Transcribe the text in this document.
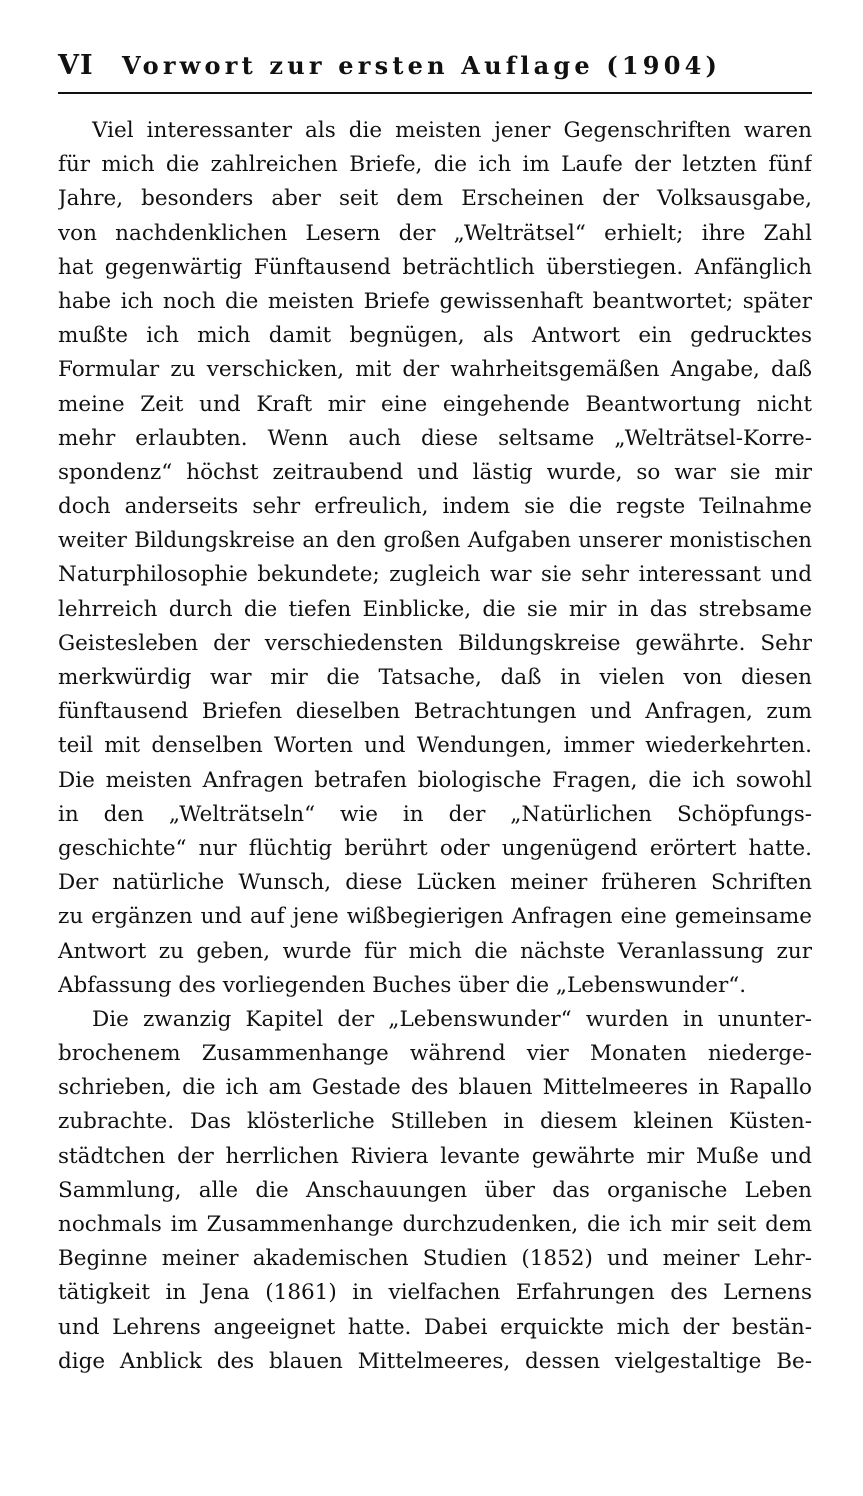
VI	Vorwort zur ersten Auflage (1904)
Viel interessanter als die meisten jener Gegenschriften waren
für mich die zahlreichen Briefe, die ich im Laufe der letzten fünf
Jahre, besonders aber seit dem Erscheinen der Volksausgabe,
von nachdenklichen Lesern der „Welträtsel“ erhielt; ihre Zahl
hat gegenwärtig Fünftausend beträchtlich überstiegen. Anfänglich
habe ich noch die meisten Briefe gewissenhaft beantwortet; später
mußte ich mich damit begnügen, als Antwort ein gedrucktes
Formular zu verschicken, mit der wahrheitsgemäßen Angabe, daß
meine Zeit und Kraft mir eine eingehende Beantwortung nicht
mehr erlaubten. Wenn auch diese seltsame „Welträtsel-Korre-
spondenz“ höchst zeitraubend und lästig wurde, so war sie mir
doch anderseits sehr erfreulich, indem sie die regste Teilnahme
weiter Bildungskreise an den großen Aufgaben unserer monistischen
Naturphilosophie bekundete; zugleich war sie sehr interessant und
lehrreich durch die tiefen Einblicke, die sie mir in das strebsame
Geistesleben der verschiedensten Bildungskreise gewährte. Sehr
merkwürdig war mir die Tatsache, daß in vielen von diesen
fünftausend Briefen dieselben Betrachtungen und Anfragen, zum
teil mit denselben Worten und Wendungen, immer wiederkehrten.
Die meisten Anfragen betrafen biologische Fragen, die ich sowohl
in den „Welträtseln“ wie in der „Natürlichen Schöpfungs-
geschichte“ nur flüchtig berührt oder ungenügend erörtert hatte.
Der natürliche Wunsch, diese Lücken meiner früheren Schriften
zu ergänzen und auf jene wißbegierigen Anfragen eine gemeinsame
Antwort zu geben, wurde für mich die nächste Veranlassung zur
Abfassung des vorliegenden Buches über die „Lebenswunder“.
Die zwanzig Kapitel der „Lebenswunder“ wurden in ununter-
brochenem Zusammenhange während vier Monaten niederge-
schrieben, die ich am Gestade des blauen Mittelmeeres in Rapallo
zubrachte. Das klösterliche Stilleben in diesem kleinen Küsten-
städtchen der herrlichen Riviera levante gewährte mir Muße und
Sammlung, alle die Anschauungen über das organische Leben
nochmals im Zusammenhange durchzudenken, die ich mir seit dem
Beginne meiner akademischen Studien (1852) und meiner Lehr-
tätigkeit in Jena (1861) in vielfachen Erfahrungen des Lernens
und Lehrens angeeignet hatte. Dabei erquickte mich der bestän-
dige Anblick des blauen Mittelmeeres, dessen vielgestaltige Be-
